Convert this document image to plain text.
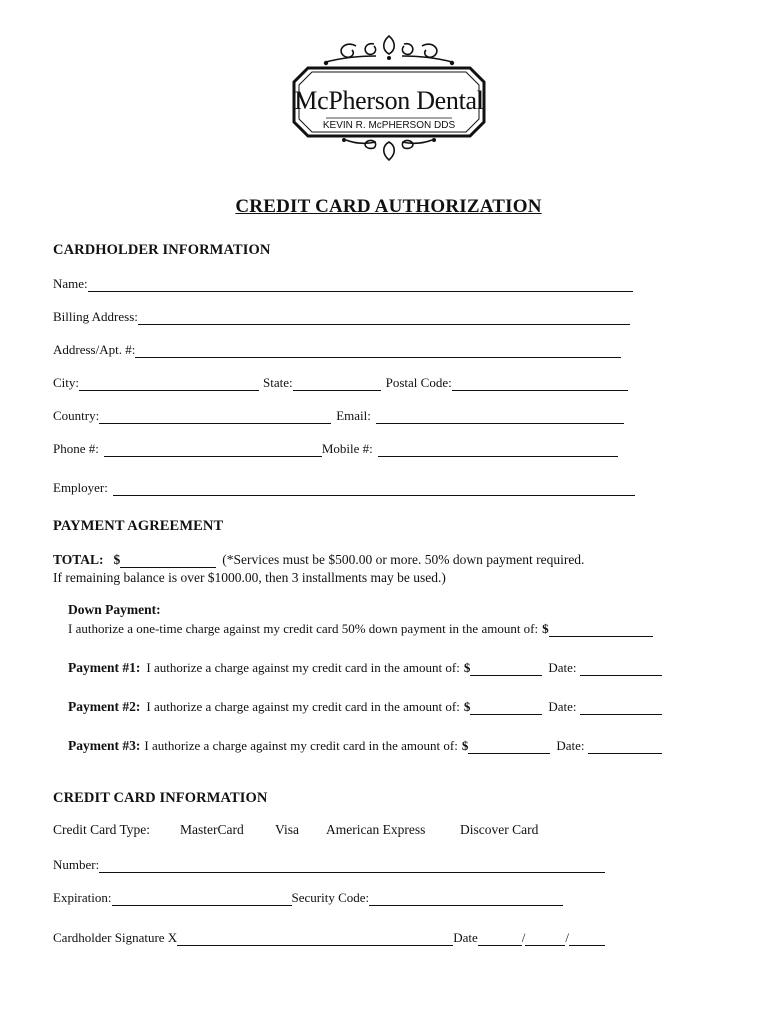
McPherson Dental
KEVIN R. McPHERSON DDS
CREDIT CARD AUTHORIZATION
CARDHOLDER INFORMATION
Name:
Billing Address:
Address/Apt. #:
City:	State:	Postal Code:
Country:	Email:
Phone #:	Mobile #:
Employer:
PAYMENT AGREEMENT
TOTAL: $	(*Services must be $500.00 or more. 50% down payment required.
If remaining balance is over $1000.00, then 3 installments may be used.)
Down Payment:
I authorize a one-time charge against my credit card 50% down payment in the amount of: $
Payment #1: I authorize a charge against my credit card in the amount of: $	Date:
Payment #2: I authorize a charge against my credit card in the amount of: $	Date:
Payment #3: I authorize a charge against my credit card in the amount of: $	Date:
CREDIT CARD INFORMATION
Credit Card Type: MasterCard Visa American Express	Discover Card
Number:
Expiration:	Security Code:
Cardholder Signature X	Date	/	/
